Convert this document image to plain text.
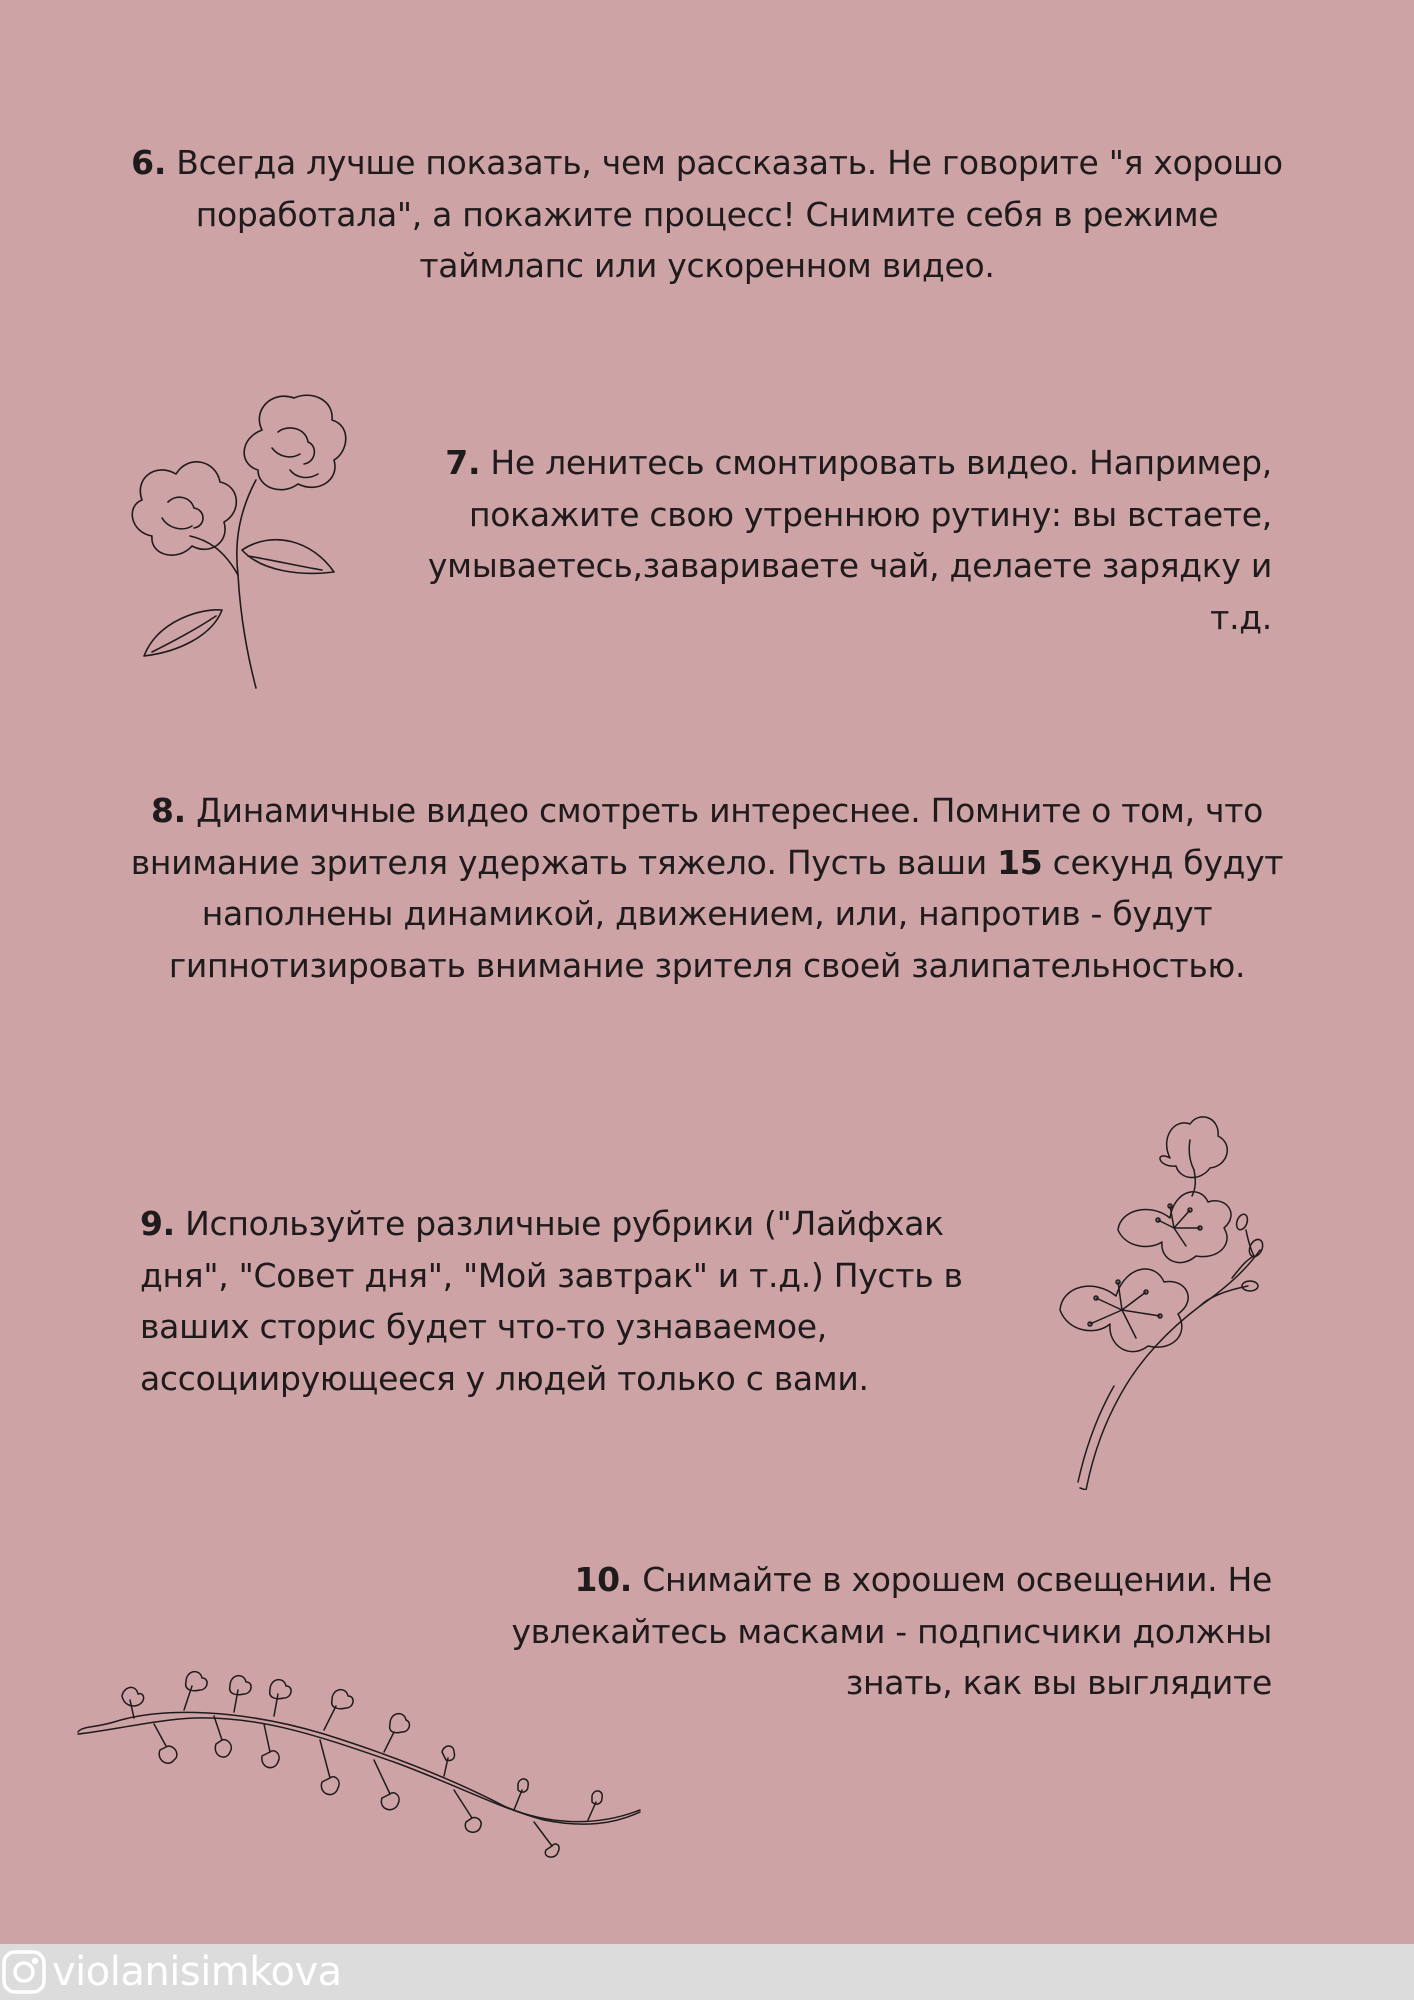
6. Всегда лучше показать, чем рассказать. Не говорите "я хорошо поработала", а покажите процесс! Снимите себя в режиме таймлапс или ускоренном видео.
7. Не ленитесь смонтировать видео. Например, покажите свою утреннюю рутину: вы встаете, умываетесь,завариваете чай, делаете зарядку и т.д.
8. Динамичные видео смотреть интереснее. Помните о том, что внимание зрителя удержать тяжело. Пусть ваши 15 секунд будут наполнены динамикой, движением, или, напротив - будут гипнотизировать внимание зрителя своей залипательностью.
9. Используйте различные рубрики ("Лайфхак дня", "Совет дня", "Мой завтрак" и т.д.) Пусть в ваших сторис будет что-то узнаваемое, ассоциирующееся у людей только с вами.
10. Снимайте в хорошем освещении. Не увлекайтесь масками - подписчики должны знать, как вы выглядите
violanisimkova
